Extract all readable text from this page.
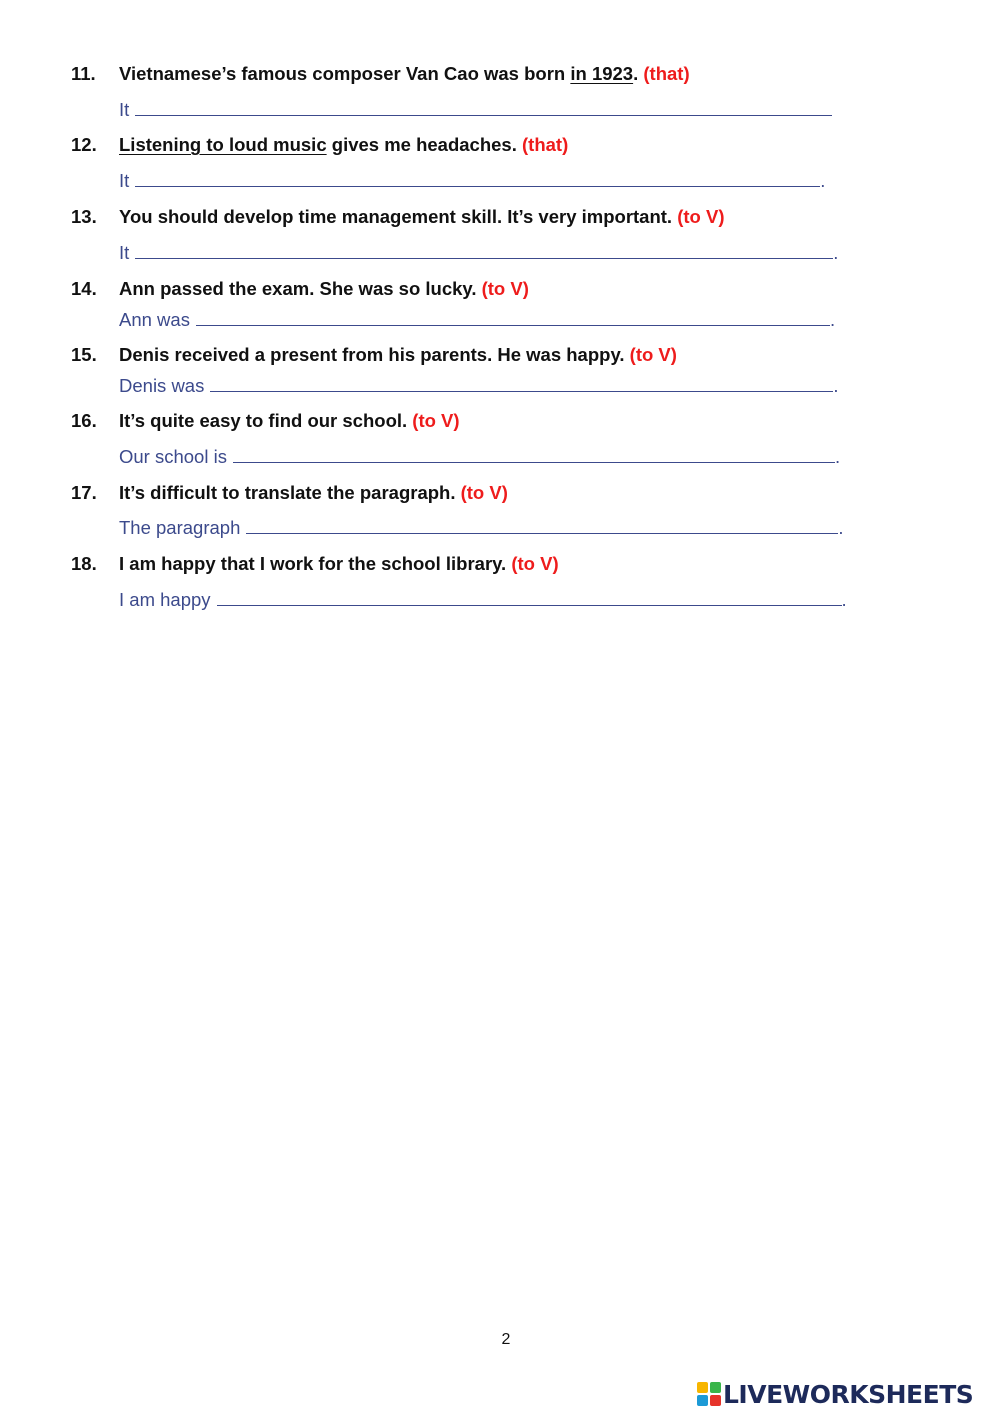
11.	Vietnamese’s famous composer Van Cao was born in 1923. (that)
It
12.	Listening to loud music gives me headaches. (that)
It	.
13.	You should develop time management skill. It’s very important. (to V)
It	.
14.	Ann passed the exam. She was so lucky. (to V)
Ann was	.
15.	Denis received a present from his parents. He was happy. (to V)
Denis was	.
16.	It’s quite easy to find our school. (to V)
Our school is	.
17.	It’s difficult to translate the paragraph. (to V)
The paragraph	.
18.	I am happy that I work for the school library. (to V)
I am happy	.
2
LIVEWORKSHEETS
